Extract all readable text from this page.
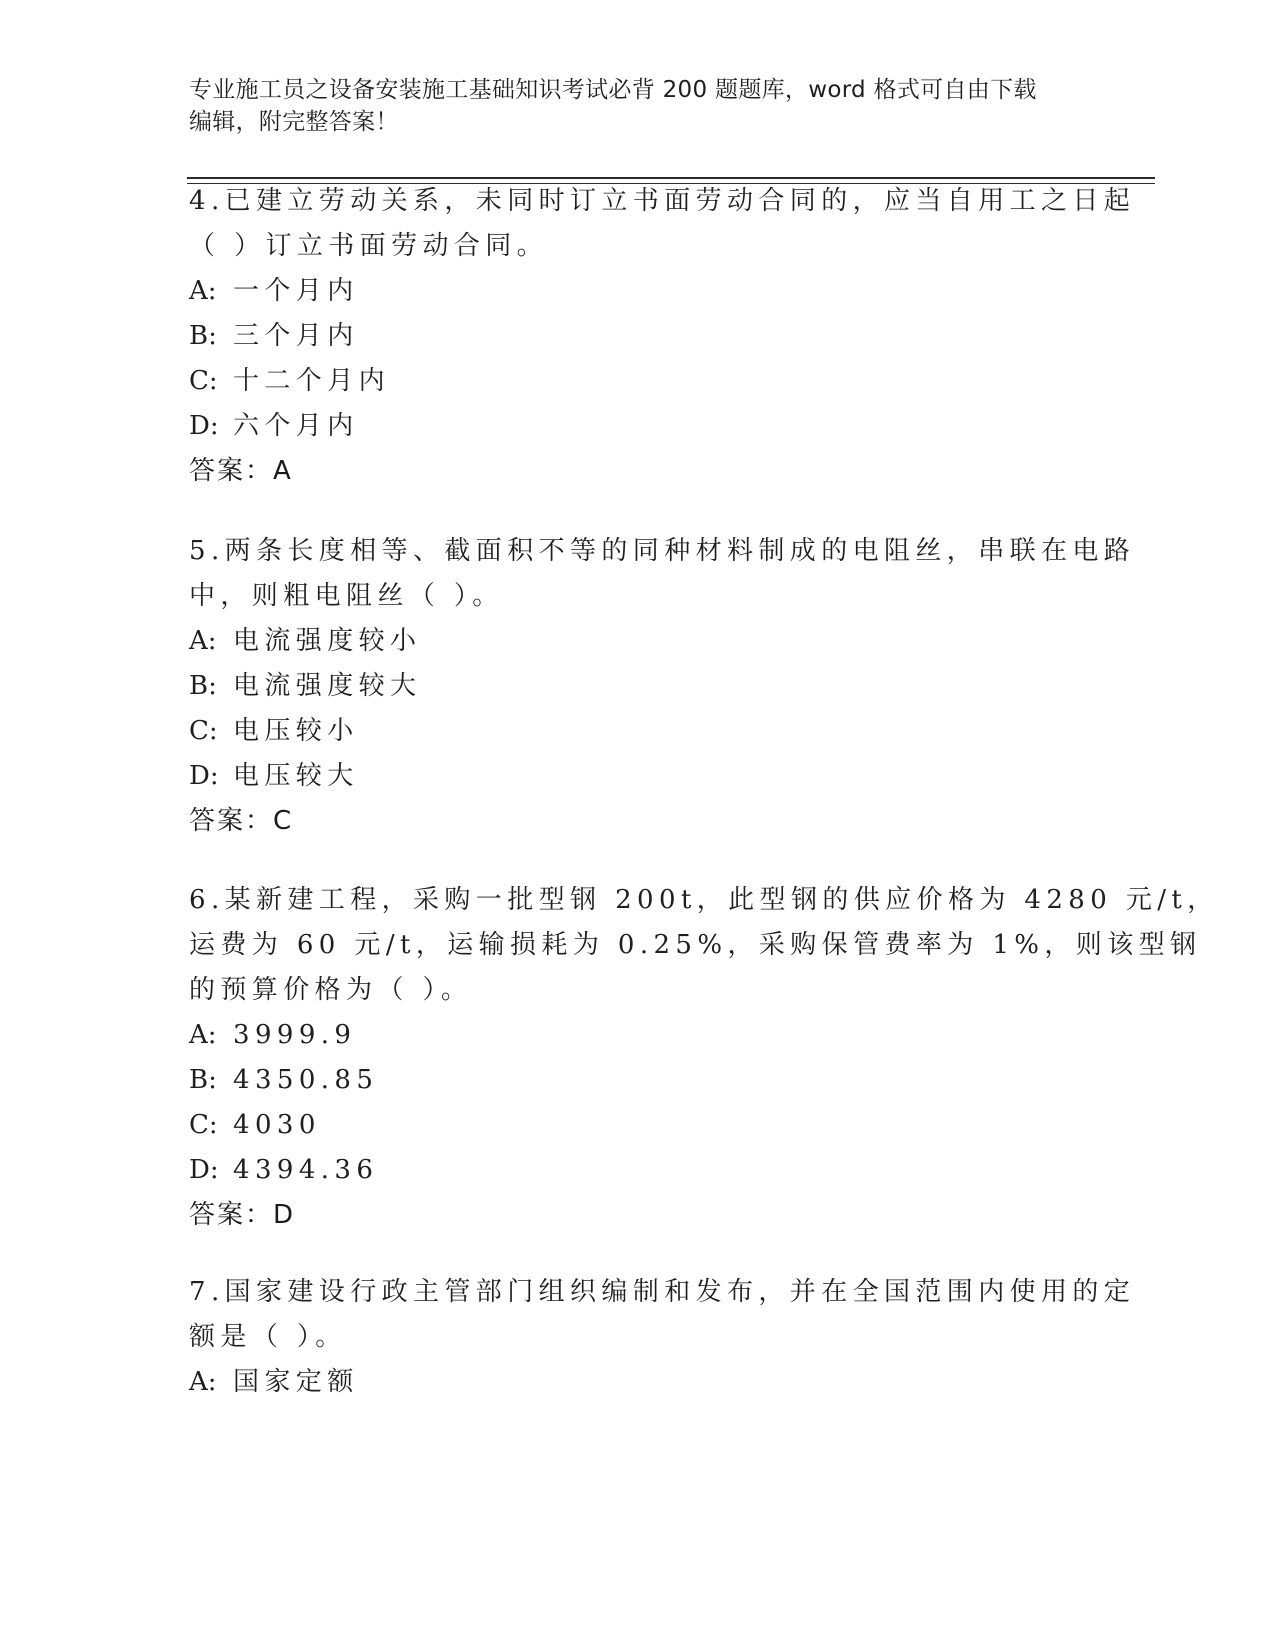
专业施工员之设备安装施工基础知识考试必背 200 题题库，word 格式可自由下载
编辑，附完整答案！
4.已建立劳动关系，未同时订立书面劳动合同的，应当自用工之日起
（ ）订立书面劳动合同。
A: 一个月内
B: 三个月内
C: 十二个月内
D: 六个月内
答案：A
5.两条长度相等、截面积不等的同种材料制成的电阻丝，串联在电路
中，则粗电阻丝（ ）。
A: 电流强度较小
B: 电流强度较大
C: 电压较小
D: 电压较大
答案：C
6.某新建工程，采购一批型钢 200t，此型钢的供应价格为 4280 元/t，
运费为 60 元/t，运输损耗为 0.25%，采购保管费率为 1%，则该型钢
的预算价格为（ ）。
A: 3999.9
B: 4350.85
C: 4030
D: 4394.36
答案：D
7.国家建设行政主管部门组织编制和发布，并在全国范围内使用的定
额是（ ）。
A: 国家定额
